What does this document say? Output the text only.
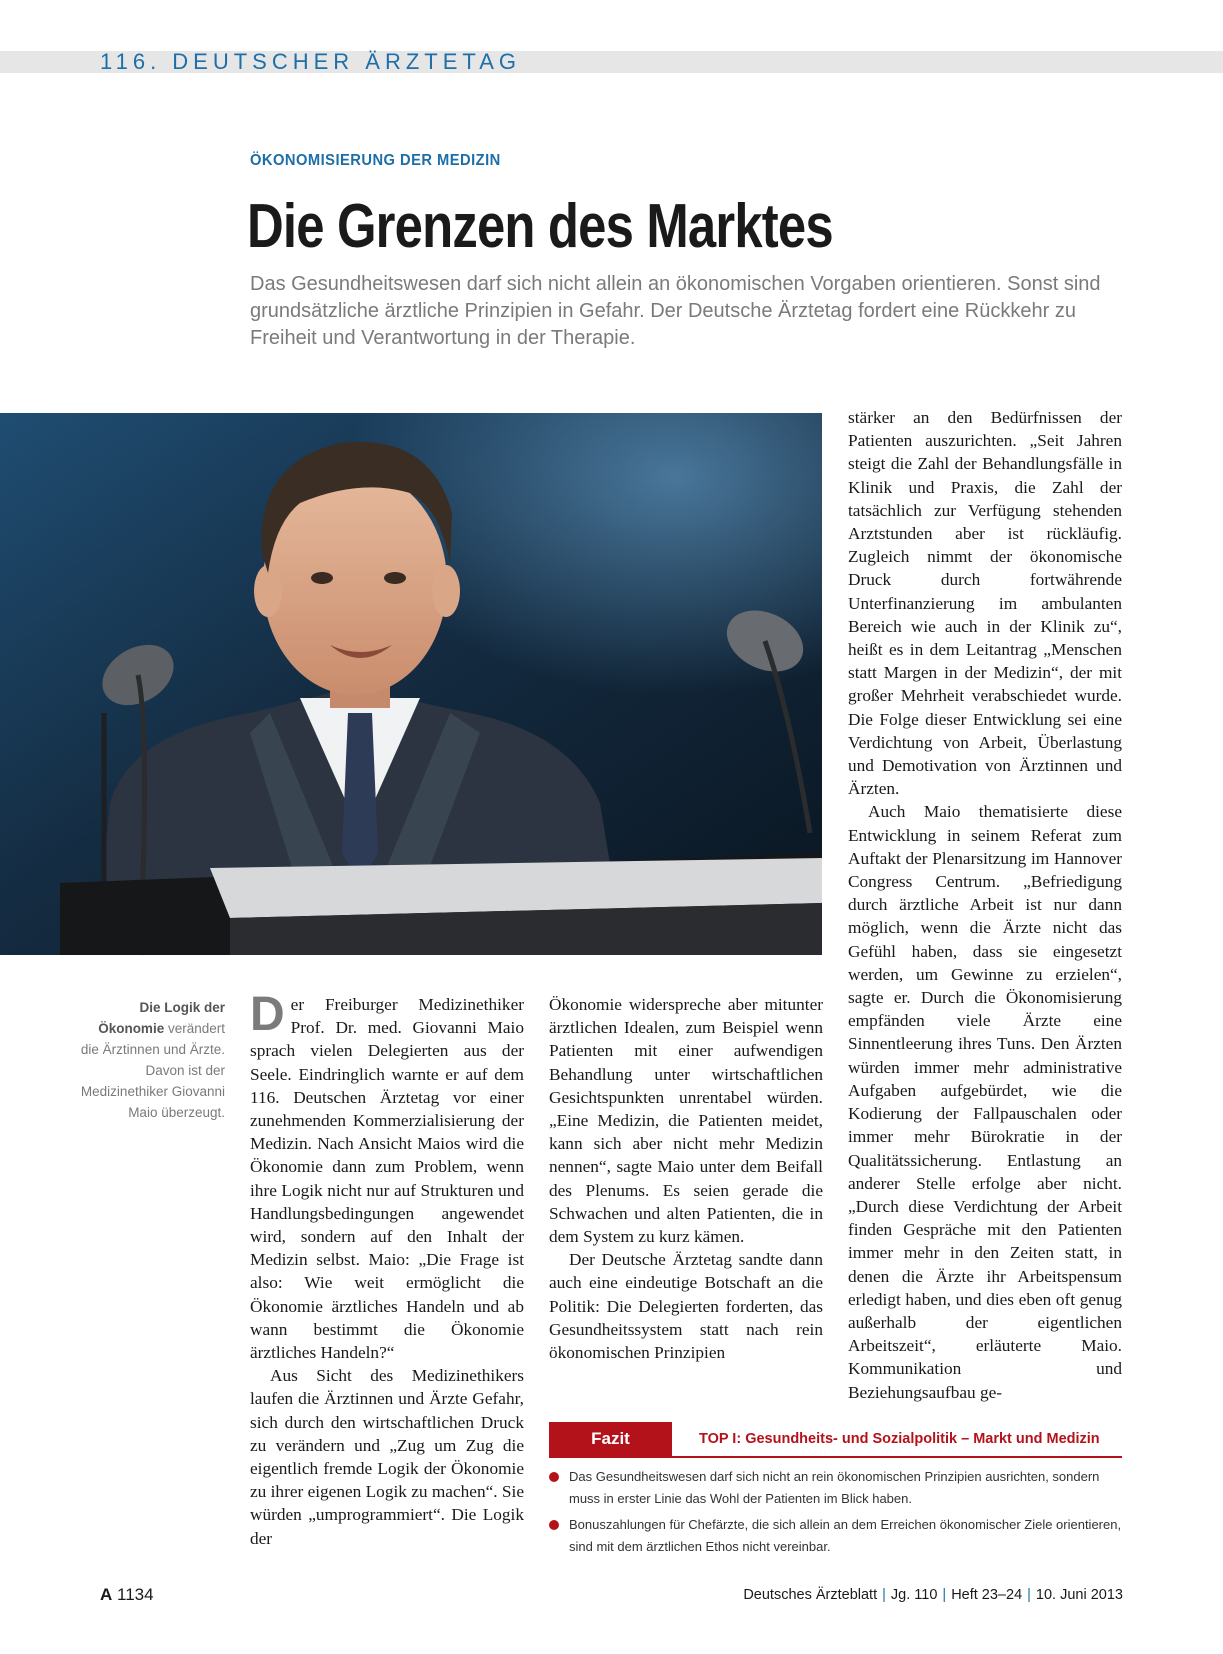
116. DEUTSCHER ÄRZTETAG
ÖKONOMISIERUNG DER MEDIZIN
Die Grenzen des Marktes

Das Gesundheitswesen darf sich nicht allein an ökonomischen Vorgaben orientieren. Sonst sind grundsätzliche ärztliche Prinzipien in Gefahr. Der Deutsche Ärztetag fordert eine Rückkehr zu Freiheit und Verantwortung in der Therapie.

Die Logik der Ökonomie verändert die Ärztinnen und Ärzte. Davon ist der Medizinethiker Giovanni Maio überzeugt.

Der Freiburger Medizinethiker Prof. Dr. med. Giovanni Maio sprach vielen Delegierten aus der Seele. Eindringlich warnte er auf dem 116. Deutschen Ärztetag vor einer zunehmenden Kommerzialisierung der Medizin. Nach Ansicht Maios wird die Ökonomie dann zum Problem, wenn ihre Logik nicht nur auf Strukturen und Handlungsbedingungen angewendet wird, sondern auf den Inhalt der Medizin selbst. Maio: „Die Frage ist also: Wie weit ermöglicht die Ökonomie ärztliches Handeln und ab wann bestimmt die Ökonomie ärztliches Handeln?“

Aus Sicht des Medizinethikers laufen die Ärztinnen und Ärzte Gefahr, sich durch den wirtschaftlichen Druck zu verändern und „Zug um Zug die eigentlich fremde Logik der Ökonomie zu ihrer eigenen Logik zu machen“. Sie würden „umprogrammiert“. Die Logik der

Ökonomie widerspreche aber mitunter ärztlichen Idealen, zum Beispiel wenn Patienten mit einer aufwendigen Behandlung unter wirtschaftlichen Gesichtspunkten unrentabel würden. „Eine Medizin, die Patienten meidet, kann sich aber nicht mehr Medizin nennen“, sagte Maio unter dem Beifall des Plenums. Es seien gerade die Schwachen und alten Patienten, die in dem System zu kurz kämen.

Der Deutsche Ärztetag sandte dann auch eine eindeutige Botschaft an die Politik: Die Delegierten forderten, das Gesundheitssystem statt nach rein ökonomischen Prinzipien

stärker an den Bedürfnissen der Patienten auszurichten. „Seit Jahren steigt die Zahl der Behandlungsfälle in Klinik und Praxis, die Zahl der tatsächlich zur Verfügung stehenden Arztstunden aber ist rückläufig. Zugleich nimmt der ökonomische Druck durch fortwährende Unterfinanzierung im ambulanten Bereich wie auch in der Klinik zu“, heißt es in dem Leitantrag „Menschen statt Margen in der Medizin“, der mit großer Mehrheit verabschiedet wurde. Die Folge dieser Entwicklung sei eine Verdichtung von Arbeit, Überlastung und Demotivation von Ärztinnen und Ärzten.

Auch Maio thematisierte diese Entwicklung in seinem Referat zum Auftakt der Plenarsitzung im Hannover Congress Centrum. „Befriedigung durch ärztliche Arbeit ist nur dann möglich, wenn die Ärzte nicht das Gefühl haben, dass sie eingesetzt werden, um Gewinne zu erzielen“, sagte er. Durch die Ökonomisierung empfänden viele Ärzte eine Sinnentleerung ihres Tuns. Den Ärzten würden immer mehr administrative Aufgaben aufgebürdet, wie die Kodierung der Fallpauschalen oder immer mehr Bürokratie in der Qualitätssicherung. Entlastung an anderer Stelle erfolge aber nicht. „Durch diese Verdichtung der Arbeit finden Gespräche mit den Patienten immer mehr in den Zeiten statt, in denen die Ärzte ihr Arbeitspensum erledigt haben, und dies eben oft genug außerhalb der eigentlichen Arbeitszeit“, erläuterte Maio. Kommunikation und Beziehungsaufbau ge-

Fazit	TOP I: Gesundheits- und Sozialpolitik – Markt und Medizin
Das Gesundheitswesen darf sich nicht an rein ökonomischen Prinzipien ausrichten, sondern muss in erster Linie das Wohl der Patienten im Blick haben.
Bonuszahlungen für Chefärzte, die sich allein an dem Erreichen ökonomischer Ziele orientieren, sind mit dem ärztlichen Ethos nicht vereinbar.
A 1134	Deutsches Ärzteblatt | Jg. 110 | Heft 23–24 | 10. Juni 2013
